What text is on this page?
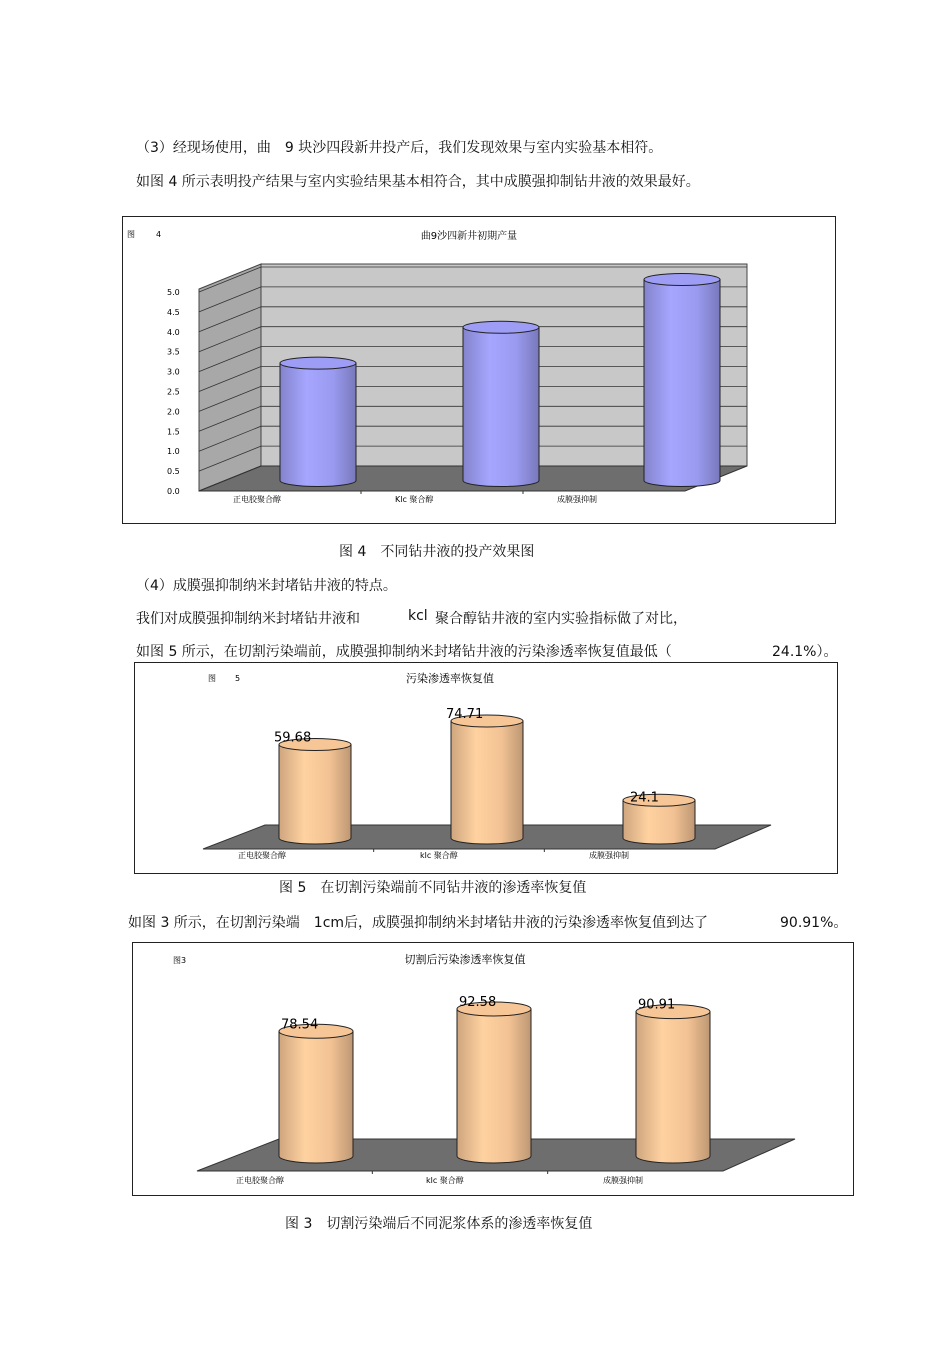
（3）经现场使用，曲　9 块沙四段新井投产后，我们发现效果与室内实验基本相符。
如图 4 所示表明投产结果与室内实验结果基本相符合，其中成膜强抑制钻井液的效果最好。
图	4	曲9沙四新井初期产量
0.0
0.5
1.0
1.5
2.0
2.5
3.0
3.5
4.0
4.5
5.0
正电胶聚合醇	Klc 聚合醇	成膜强抑制
图 4　不同钻井液的投产效果图
（4）成膜强抑制纳米封堵钻井液的特点。
我们对成膜强抑制纳米封堵钻井液和	kcl 聚合醇钻井液的室内实验指标做了对比，
如图 5 所示，在切割污染端前，成膜强抑制纳米封堵钻井液的污染渗透率恢复值最低（	24.1%）。
图 5	污染渗透率恢复值
正电胶聚合醇	klc 聚合醇	成膜强抑制
59.68
74.71
24.1
图 5　在切割污染端前不同钻井液的渗透率恢复值
如图 3 所示，在切割污染端　1cm后，成膜强抑制纳米封堵钻井液的污染渗透率恢复值到达了	90.91%。
图3	切割后污染渗透率恢复值
正电胶聚合醇	klc 聚合醇	成膜强抑制
78.54
92.58	90.91
图 3　切割污染端后不同泥浆体系的渗透率恢复值
